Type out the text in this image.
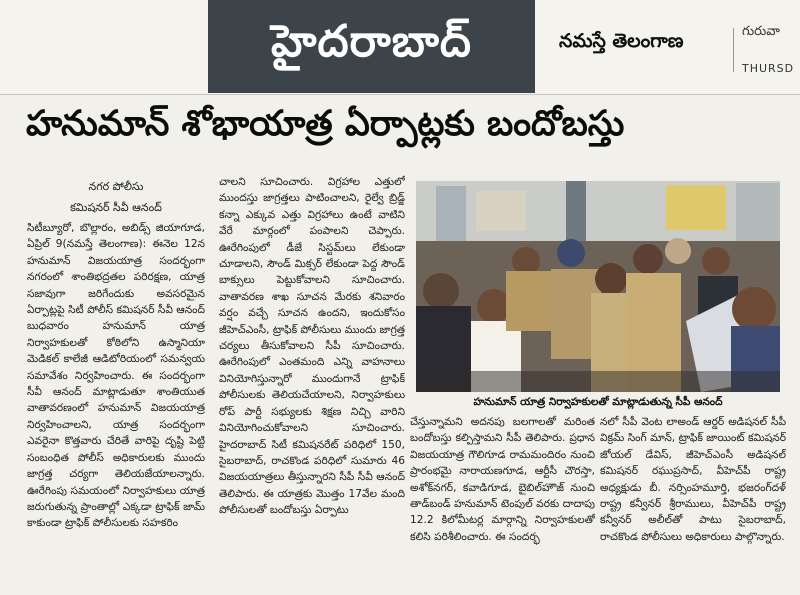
హైదరాబాద్	నమస్తే తెలంగాణ	గురువా
THURSD
హనుమాన్ శోభాయాత్ర ఏర్పాట్లకు బందోబస్తు

నగర పోలీసు

కమిషనర్ సీవీ ఆనంద్

సిటీబ్యూరో, బొల్లారం, అబిడ్స్ జియాగూడ, ఏప్రిల్ 9(నమస్తే తెలంగాణ): ఈనెల 12న హనుమాన్ విజయయాత్ర సందర్భంగా నగరంలో శాంతిభద్రతల పరిరక్షణ, యాత్ర సజావుగా జరిగేందుకు అవసరమైన ఏర్పాట్లపై సిటీ పోలీస్ కమిషనర్ సీవీ ఆనంద్ బుధవారం హనుమాన్ యాత్ర నిర్వాహకులతో కోఠిలోని ఉస్మానియా మెడికల్ కాలేజీ ఆడిటోరియంలో సమన్వయ సమావేశం నిర్వహించారు. ఈ సందర్భంగా సీవీ ఆనంద్ మాట్లాడుతూ శాంతియుత వాతావరణంలో హనుమాన్ విజయయాత్ర నిర్వహించాలని, యాత్ర సందర్భంగా ఎవరైనా కొత్తవారు చేరితే వారిపై దృష్టి పెట్టి సంబంధిత పోలీస్ అధికారులకు ముందు జాగ్రత్త చర్యగా తెలియజేయాలన్నారు. ఊరేగింపు సమయంలో నిర్వాహకులు యాత్ర జరుగుతున్న ప్రాంతాల్లో ఎక్కడా ట్రాఫిక్ జామ్ కాకుండా ట్రాఫిక్ పోలీసులకు సహకరిం

చాలని సూచించారు. విగ్రహాల ఎత్తులో ముందస్తు జాగ్రత్తలు పాటించాలని, రైల్వే బ్రిడ్జ్ కన్నా ఎక్కువ ఎత్తు విగ్రహాలు ఉంటే వాటిని వేరే మార్గంలో పంపాలని చెప్పారు. ఊరేగింపులో డీజే సిస్టమ్‌లు లేకుండా చూడాలని, సౌండ్ మిక్సర్ లేకుండా పెద్ద సౌండ్ బాక్సులు పెట్టుకోవాలని సూచించారు. వాతావరణ శాఖ సూచన మేరకు శనివారం వర్షం వచ్చే సూచన ఉందని, ఇందుకోసం జీహెచ్ఎంసీ, ట్రాఫిక్ పోలీసులు ముందు జాగ్రత్త చర్యలు తీసుకోవాలని సీపీ సూచించారు. ఊరేగింపులో ఎంతమంది ఎన్ని వాహనాలు వినియోగిస్తున్నారో ముందుగానే ట్రాఫిక్ పోలీసులకు తెలియచేయాలని, నిర్వాహకులు రోప్ పార్టీ సభ్యులకు శిక్షణ నిచ్చి వారిని వినియోగించుకోవాలని సూచించారు. హైదరాబాద్ సిటీ కమిషనరేట్ పరిధిలో 150, సైబరాబాద్, రాచకొండ పరిధిలో సుమారు 46 విజయయాత్రలు తీస్తున్నారని సీపీ సీవీ ఆనంద్ తెలిపారు. ఈ యాత్రకు మొత్తం 17వేల మంది పోలీసులతో బందోబస్తు ఏర్పాటు

హనుమాన్ యాత్ర నిర్వాహకులతో మాట్లాడుతున్న సీపీ ఆనంద్

చేస్తున్నామని అదనపు బలగాలతో మరింత బందోబస్తు కల్పిస్తామని సీపీ తెలిపారు. ప్రధాన విజయయాత్ర గౌలిగూడ రామమందిరం నుంచి ప్రారంభమై నారాయణగూడ, ఆర్టీసీ చౌరస్తా, అశోక్‌నగర్, కవాడిగూడ, బైబిల్‌హౌజ్ నుంచి తాడ్‌బండ్ హనుమాన్ టెంపుల్ వరకు దాదాపు 12.2 కిలోమీటర్ల మార్గాన్ని నిర్వాహకులతో కలిసి పరిశీలించారు. ఈ సందర్భ

నలో సీపీ వెంట లాఅండ్ ఆర్డర్ అడిషనల్ సీపీ విక్రమ్ సింగ్ మాన్, ట్రాఫిక్ జాయింట్ కమిషనర్ జోయల్ డేవిస్, జీహెచ్ఎంసీ అడిషనల్ కమిషనర్ రఘుప్రసాద్, వీహెచ్‌పీ రాష్ట్ర అధ్యక్షుడు బీ. నర్సింహమూర్తి, భజరంగ్‌దళ్ రాష్ట్ర కన్వీనర్ శ్రీరాములు, వీహెచ్‌పీ రాష్ట్ర కన్వీనర్ అలీల్‌తో పాటు సైబరాబాద్, రాచకొండ పోలీసులు అధికారులు పాల్గొన్నారు.
